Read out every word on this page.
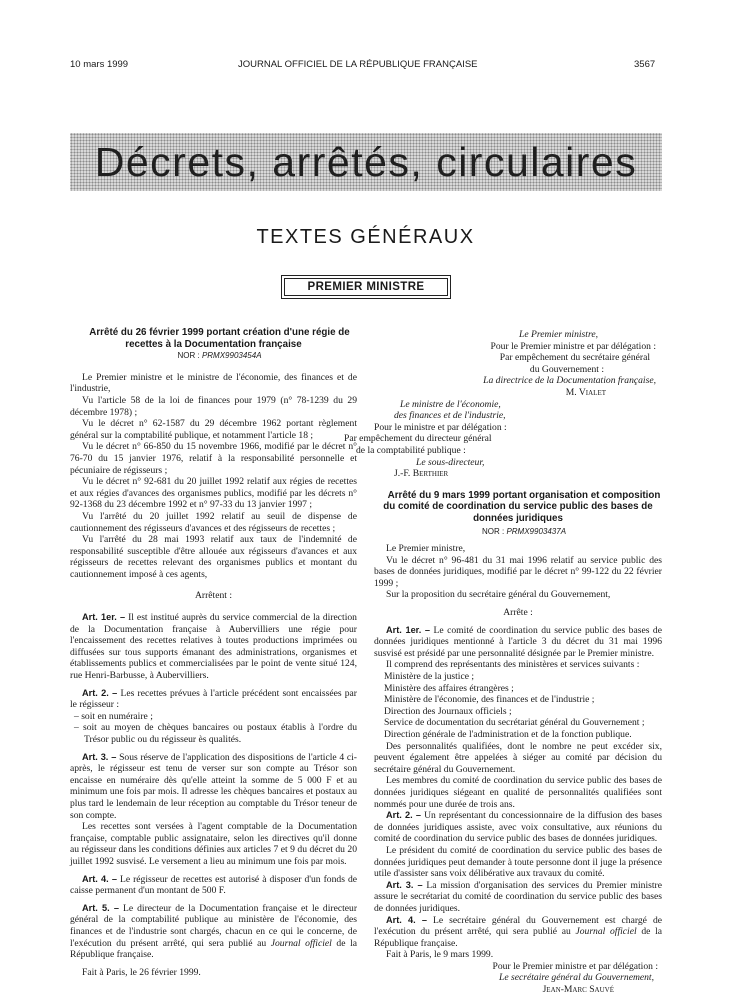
10 mars 1999	JOURNAL OFFICIEL DE LA RÉPUBLIQUE FRANÇAISE	3567
Décrets, arrêtés, circulaires
TEXTES GÉNÉRAUX
PREMIER MINISTRE

Arrêté du 26 février 1999 portant création d'une régie de recettes à la Documentation française

NOR : PRMX9903454A

Le Premier ministre et le ministre de l'économie, des finances et de l'industrie,

Vu l'article 58 de la loi de finances pour 1979 (n° 78-1239 du 29 décembre 1978) ;

Vu le décret n° 62-1587 du 29 décembre 1962 portant règlement général sur la comptabilité publique, et notamment l'article 18 ;

Vu le décret n° 66-850 du 15 novembre 1966, modifié par le décret n° 76-70 du 15 janvier 1976, relatif à la responsabilité personnelle et pécuniaire de régisseurs ;

Vu le décret n° 92-681 du 20 juillet 1992 relatif aux régies de recettes et aux régies d'avances des organismes publics, modifié par les décrets n° 92-1368 du 23 décembre 1992 et n° 97-33 du 13 janvier 1997 ;

Vu l'arrêté du 20 juillet 1992 relatif au seuil de dispense de cautionnement des régisseurs d'avances et des régisseurs de recettes ;

Vu l'arrêté du 28 mai 1993 relatif aux taux de l'indemnité de responsabilité susceptible d'être allouée aux régisseurs d'avances et aux régisseurs de recettes relevant des organismes publics et montant du cautionnement imposé à ces agents,

Arrêtent :

Art. 1er. – Il est institué auprès du service commercial de la direction de la Documentation française à Aubervilliers une régie pour l'encaissement des recettes relatives à toutes productions imprimées ou diffusées sur tous supports émanant des administrations, organismes et établissements publics et commercialisées par le point de vente situé 124, rue Henri-Barbusse, à Aubervilliers.

Art. 2. – Les recettes prévues à l'article précédent sont encaissées par le régisseur :

– soit en numéraire ;
– soit au moyen de chèques bancaires ou postaux établis à l'ordre du Trésor public ou du régisseur ès qualités.

Art. 3. – Sous réserve de l'application des dispositions de l'article 4 ci-après, le régisseur est tenu de verser sur son compte au Trésor son encaisse en numéraire dès qu'elle atteint la somme de 5 000 F et au minimum une fois par mois. Il adresse les chèques bancaires et postaux au plus tard le lendemain de leur réception au comptable du Trésor teneur de son compte.

Les recettes sont versées à l'agent comptable de la Documentation française, comptable public assignataire, selon les directives qu'il donne au régisseur dans les conditions définies aux articles 7 et 9 du décret du 20 juillet 1992 susvisé. Le versement a lieu au minimum une fois par mois.

Art. 4. – Le régisseur de recettes est autorisé à disposer d'un fonds de caisse permanent d'un montant de 500 F.

Art. 5. – Le directeur de la Documentation française et le directeur général de la comptabilité publique au ministère de l'économie, des finances et de l'industrie sont chargés, chacun en ce qui le concerne, de l'exécution du présent arrêté, qui sera publié au Journal officiel de la République française.

Fait à Paris, le 26 février 1999.

Le Premier ministre,

Pour le Premier ministre et par délégation :

Par empêchement du secrétaire général

du Gouvernement :

La directrice de la Documentation française,

M. Vialet

Le ministre de l'économie,

des finances et de l'industrie,

Pour le ministre et par délégation :

Par empêchement du directeur général

de la comptabilité publique :

Le sous-directeur,

J.-F. Berthier

Arrêté du 9 mars 1999 portant organisation et composition du comité de coordination du service public des bases de données juridiques

NOR : PRMX9903437A

Le Premier ministre,

Vu le décret n° 96-481 du 31 mai 1996 relatif au service public des bases de données juridiques, modifié par le décret n° 99-122 du 22 février 1999 ;

Sur la proposition du secrétaire général du Gouvernement,

Arrête :

Art. 1er. – Le comité de coordination du service public des bases de données juridiques mentionné à l'article 3 du décret du 31 mai 1996 susvisé est présidé par une personnalité désignée par le Premier ministre.

Il comprend des représentants des ministères et services suivants :

Ministère de la justice ;

Ministère des affaires étrangères ;

Ministère de l'économie, des finances et de l'industrie ;

Direction des Journaux officiels ;

Service de documentation du secrétariat général du Gouvernement ;

Direction générale de l'administration et de la fonction publique.

Des personnalités qualifiées, dont le nombre ne peut excéder six, peuvent également être appelées à siéger au comité par décision du secrétaire général du Gouvernement.

Les membres du comité de coordination du service public des bases de données juridiques siégeant en qualité de personnalités qualifiées sont nommés pour une durée de trois ans.

Art. 2. – Un représentant du concessionnaire de la diffusion des bases de données juridiques assiste, avec voix consultative, aux réunions du comité de coordination du service public des bases de données juridiques.

Le président du comité de coordination du service public des bases de données juridiques peut demander à toute personne dont il juge la présence utile d'assister sans voix délibérative aux travaux du comité.

Art. 3. – La mission d'organisation des services du Premier ministre assure le secrétariat du comité de coordination du service public des bases de données juridiques.

Art. 4. – Le secrétaire général du Gouvernement est chargé de l'exécution du présent arrêté, qui sera publié au Journal officiel de la République française.

Fait à Paris, le 9 mars 1999.

Pour le Premier ministre et par délégation :

Le secrétaire général du Gouvernement,

Jean-Marc Sauvé
